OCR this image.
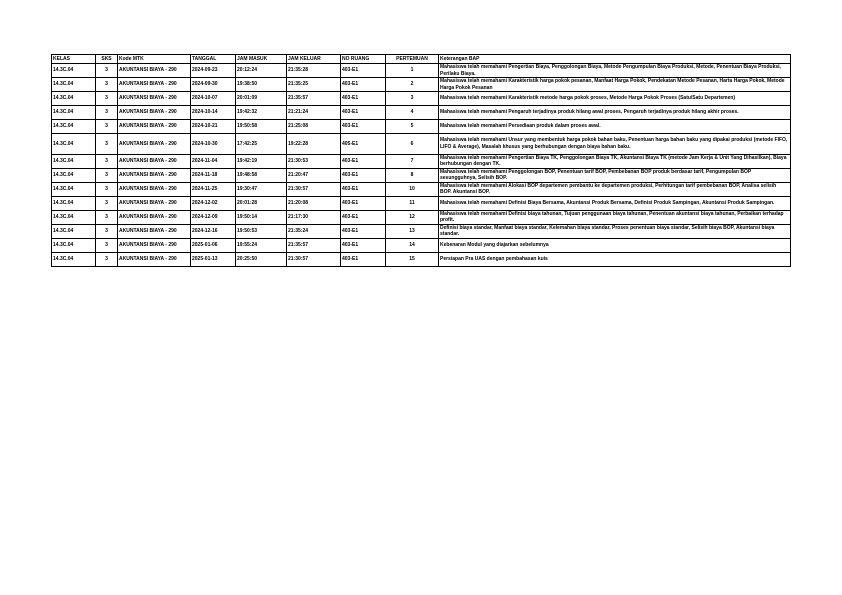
KELAS	SKS	Kode MTK	TANGGAL	JAM MASUK	JAM KELUAR	NO RUANG	PERTEMUAN	Keterangan BAP
14.3C.04	3	AKUNTANSI BIAYA - 290	2024-09-23	20:12:24	21:35:28	403-E1	1	Mahasiswa telah memahami Pengertian Biaya, Penggolongan Biaya, Metode Pengumpulan Biaya Produksi, Metode, Penentuan Biaya Produksi, Perilaku Biaya.
14.3C.04	3	AKUNTANSI BIAYA - 290	2024-09-30	19:38:50	21:35:25	403-E1	2	Mahasiswa telah memahami Karakteristik harga pokok pesanan, Manfaat Harga Pokok, Pendekatan Metode Pesanan, Harta Harga Pokok, Metode Harga Pokok Pesanan
14.3C.04	3	AKUNTANSI BIAYA - 290	2024-10-07	20:01:09	21:35:57	403-E1	3	Mahasiswa telah memahami Karakteristik metode harga pokok proses, Metode Harga Pokok Proses (Satu/Satu Departemen)
14.3C.04	3	AKUNTANSI BIAYA - 290	2024-10-14	19:42:32	21:21:24	403-E1	4	Mahasiswa telah memahami Pengaruh terjadinya produk hilang awal proses, Pengaruh terjadinya produk hilang akhir proses.
14.3C.04	3	AKUNTANSI BIAYA - 290	2024-10-21	19:50:58	21:25:08	403-E1	5	Mahasiswa telah memahami Persediaan produk dalam proses awal.
14.3C.04	3	AKUNTANSI BIAYA - 290	2024-10-30	17:42:25	19:22:28	405-E1	6	Mahasiswa telah memahami Unsur yang membentuk harga pokok bahan baku, Penentuan harga bahan baku yang dipakai produksi (metode FIFO, LIFO & Average), Masalah khusus yang berhubungan dengan biaya bahan baku.
14.3C.04	3	AKUNTANSI BIAYA - 290	2024-11-04	19:42:19	21:30:53	403-E1	7	Mahasiswa telah memahami Pengertian Biaya TK, Penggolongan Biaya TK, Akuntansi Biaya TK (metode Jam Kerja & Unit Yang Dihasilkan), Biaya berhubungan dengan TK.
14.3C.04	3	AKUNTANSI BIAYA - 290	2024-11-18	19:48:58	21:20:47	403-E1	8	Mahasiswa telah memahami Penggolongan BOP, Penentuan tarif BOP, Pembebanan BOP produk berdasar tarif, Pengumpulan BOP sesungguhnya, Selisih BOP.
14.3C.04	3	AKUNTANSI BIAYA - 290	2024-11-25	19:30:47	21:30:57	403-E1	10	Mahasiswa telah memahami Alokasi BOP departemen pembantu ke departemen produksi, Perhitungan tarif pembebanan BOP, Analisa selisih BOP. Akuntansi BOP.
14.3C.04	3	AKUNTANSI BIAYA - 290	2024-12-02	20:01:28	21:20:08	403-E1	11	Mahasiswa telah memahami Definisi Biaya Bersama, Akuntansi Produk Bersama, Definisi Produk Sampingan, Akuntansi Produk Sampingan.
14.3C.04	3	AKUNTANSI BIAYA - 290	2024-12-09	19:50:14	21:17:30	403-E1	12	Mahasiswa telah memahami Definisi biaya tahunan, Tujuan penggunaan biaya tahunan, Penentuan akuntansi biaya tahunan, Perbaikan terhadap profit.
14.3C.04	3	AKUNTANSI BIAYA - 290	2024-12-16	19:50:53	21:35:24	403-E1	13	Definisi biaya standar, Manfaat biaya standar, Kelemahan biaya standar, Proses penentuan biaya standar, Selisih biaya BOP, Akuntansi biaya standar.
14.3C.04	3	AKUNTANSI BIAYA - 290	2025-01-06	19:55:24	21:35:57	403-E1	14	Kebenaran Modul yang diajarkan sebelumnya
14.3C.04	3	AKUNTANSI BIAYA - 290	2025-01-13	20:25:50	21:30:57	403-E1	15	Persiapan Pra UAS dengan pembahasan kuis
